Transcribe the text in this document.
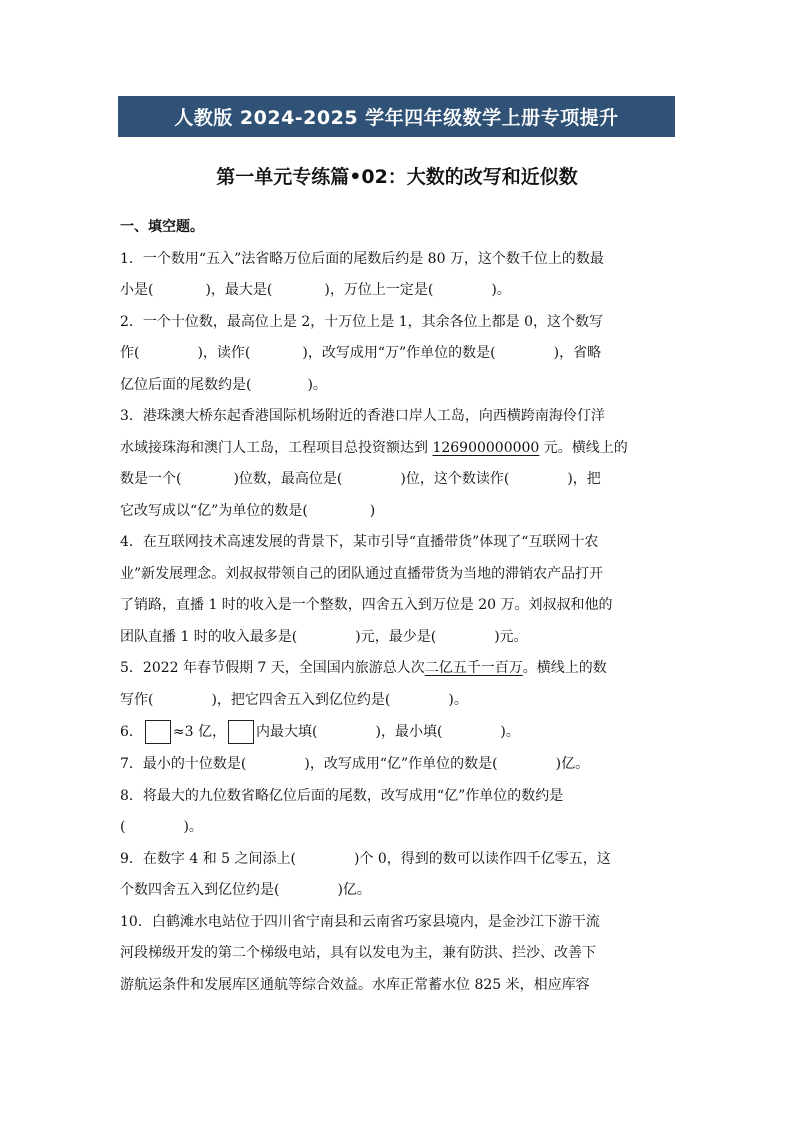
人教版 2024-2025 学年四年级数学上册专项提升
第一单元专练篇•02：大数的改写和近似数
一、填空题。
1．一个数用“五入”法省略万位后面的尾数后约是 80 万，这个数千位上的数最
小是(	)，最大是(	)，万位上一定是(	)。
2．一个十位数，最高位上是 2，十万位上是 1，其余各位上都是 0，这个数写
作(	)，读作(	)，改写成用“万”作单位的数是(	)，省略
亿位后面的尾数约是(	)。
3．港珠澳大桥东起香港国际机场附近的香港口岸人工岛，向西横跨南海伶仃洋
水域接珠海和澳门人工岛，工程项目总投资额达到 126900000000 元。横线上的
数是一个(	)位数，最高位是(	)位，这个数读作(	)，把
它改写成以“亿”为单位的数是(	)
4．在互联网技术高速发展的背景下，某市引导“直播带货”体现了“互联网十农
业”新发展理念。刘叔叔带领自己的团队通过直播带货为当地的滞销农产品打开
了销路，直播 1 时的收入是一个整数，四舍五入到万位是 20 万。刘叔叔和他的
团队直播 1 时的收入最多是(	)元，最少是(	)元。
5．2022 年春节假期 7 天，全国国内旅游总人次二亿五千一百万。横线上的数
写作(	)，把它四舍五入到亿位约是(	)。
6． ≈3 亿， 内最大填(	)，最小填(	)。
7．最小的十位数是(	)，改写成用“亿”作单位的数是(	)亿。
8．将最大的九位数省略亿位后面的尾数，改写成用“亿”作单位的数约是
(	)。
9．在数字 4 和 5 之间添上(	)个 0，得到的数可以读作四千亿零五，这
个数四舍五入到亿位约是(	)亿。
10．白鹤滩水电站位于四川省宁南县和云南省巧家县境内，是金沙江下游干流
河段梯级开发的第二个梯级电站，具有以发电为主，兼有防洪、拦沙、改善下
游航运条件和发展库区通航等综合效益。水库正常蓄水位 825 米，相应库容
